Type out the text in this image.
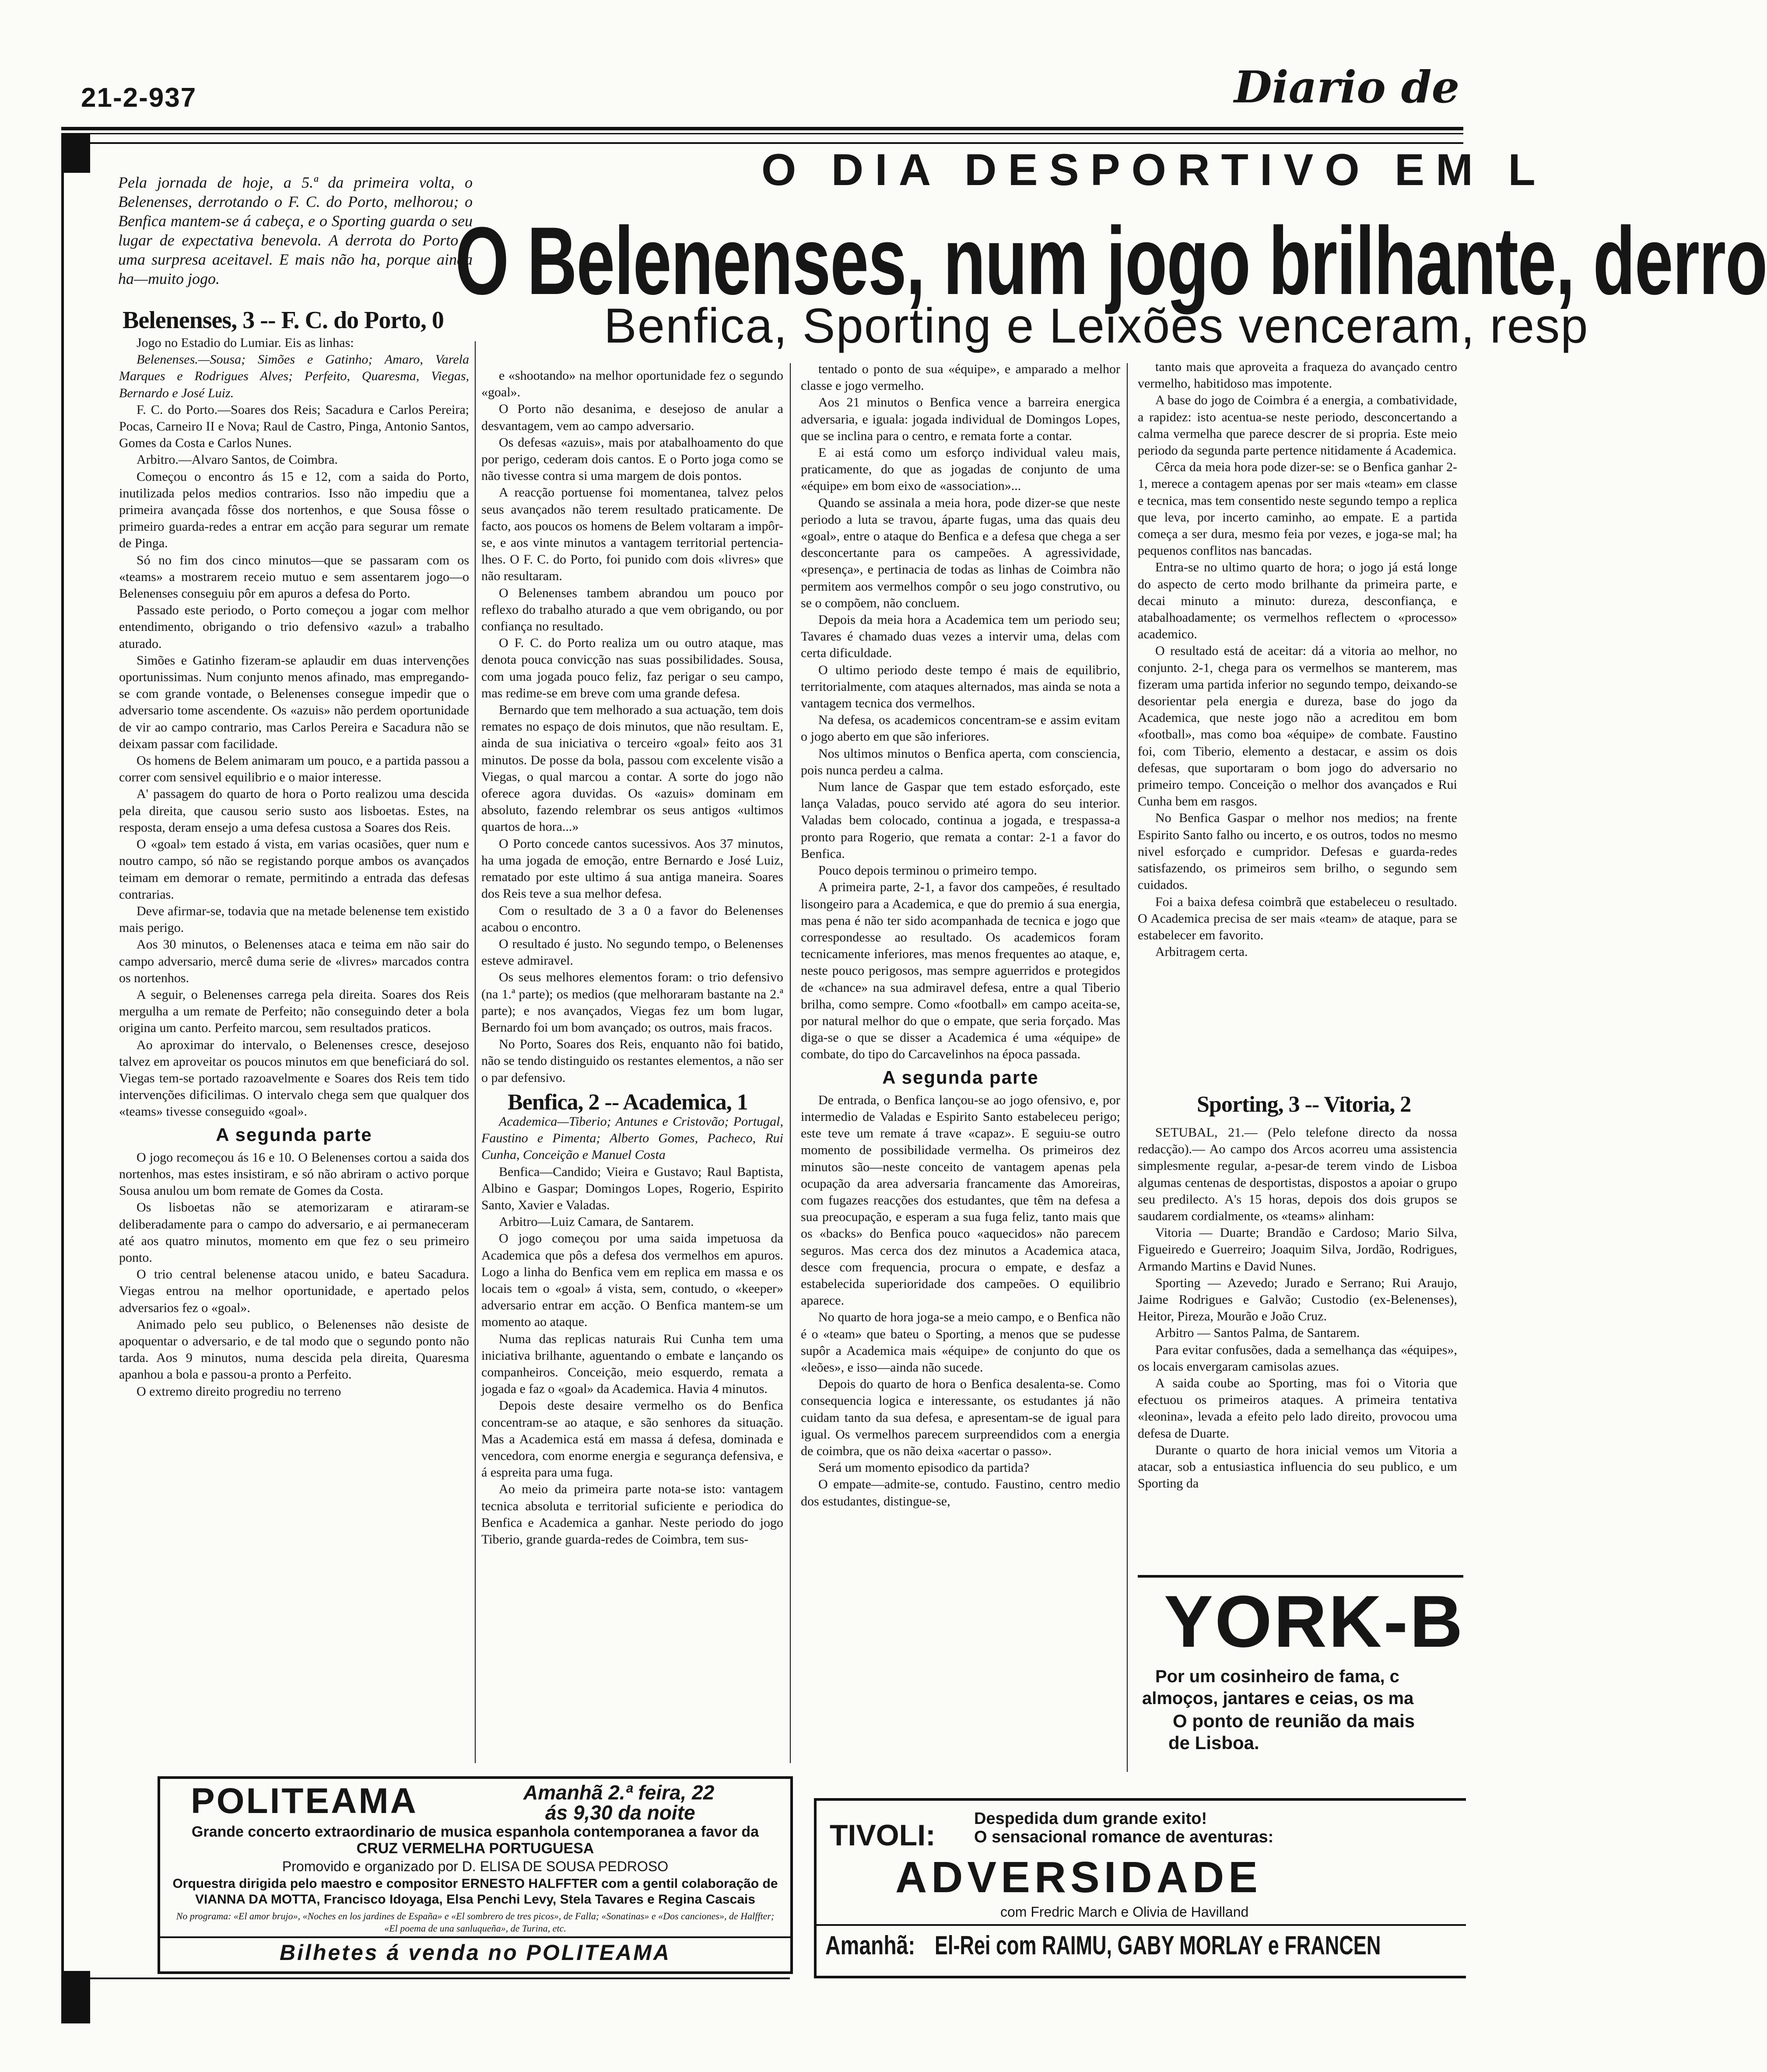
21-2-937	Diario de
O DIA DESPORTIVO EM L
O Belenenses, num jogo brilhante, derro
Benfica, Sporting e Leixões venceram, resp
Pela jornada de hoje, a 5.ª da primeira volta, o Belenenses, derrotando o F. C. do Porto, melhorou; o Benfica mantem-se á cabeça, e o Sporting guarda o seu lugar de expectativa benevola. A derrota do Porto é uma surpresa aceitavel. E mais não ha, porque ainda ha—muito jogo.
Belenenses, 3 -- F. C. do Porto, 0

Jogo no Estadio do Lumiar. Eis as linhas:

Belenenses.—Sousa; Simões e Gatinho; Amaro, Varela Marques e Rodrigues Alves; Perfeito, Quaresma, Viegas, Bernardo e José Luiz.

F. C. do Porto.—Soares dos Reis; Sacadura e Carlos Pereira; Pocas, Carneiro II e Nova; Raul de Castro, Pinga, Antonio Santos, Gomes da Costa e Carlos Nunes.

Arbitro.—Alvaro Santos, de Coimbra.

Começou o encontro ás 15 e 12, com a saida do Porto, inutilizada pelos medios contrarios. Isso não impediu que a primeira avançada fôsse dos nortenhos, e que Sousa fôsse o primeiro guarda-redes a entrar em acção para segurar um remate de Pinga.

Só no fim dos cinco minutos—que se passaram com os «teams» a mostrarem receio mutuo e sem assentarem jogo—o Belenenses conseguiu pôr em apuros a defesa do Porto.

Passado este periodo, o Porto começou a jogar com melhor entendimento, obrigando o trio defensivo «azul» a trabalho aturado.

Simões e Gatinho fizeram-se aplaudir em duas intervenções oportunissimas. Num conjunto menos afinado, mas empregando-se com grande vontade, o Belenenses consegue impedir que o adversario tome ascendente. Os «azuis» não perdem oportunidade de vir ao campo contrario, mas Carlos Pereira e Sacadura não se deixam passar com facilidade.

Os homens de Belem animaram um pouco, e a partida passou a correr com sensivel equilibrio e o maior interesse.

A' passagem do quarto de hora o Porto realizou uma descida pela direita, que causou serio susto aos lisboetas. Estes, na resposta, deram ensejo a uma defesa custosa a Soares dos Reis.

O «goal» tem estado á vista, em varias ocasiões, quer num e noutro campo, só não se registando porque ambos os avançados teimam em demorar o remate, permitindo a entrada das defesas contrarias.

Deve afirmar-se, todavia que na metade belenense tem existido mais perigo.

Aos 30 minutos, o Belenenses ataca e teima em não sair do campo adversario, mercê duma serie de «livres» marcados contra os nortenhos.

A seguir, o Belenenses carrega pela direita. Soares dos Reis mergulha a um remate de Perfeito; não conseguindo deter a bola origina um canto. Perfeito marcou, sem resultados praticos.

Ao aproximar do intervalo, o Belenenses cresce, desejoso talvez em aproveitar os poucos minutos em que beneficiará do sol. Viegas tem-se portado razoavelmente e Soares dos Reis tem tido intervenções dificilimas. O intervalo chega sem que qualquer dos «teams» tivesse conseguido «goal».

A segunda parte

O jogo recomeçou ás 16 e 10. O Belenenses cortou a saida dos nortenhos, mas estes insistiram, e só não abriram o activo porque Sousa anulou um bom remate de Gomes da Costa.

Os lisboetas não se atemorizaram e atiraram-se deliberadamente para o campo do adversario, e ai permaneceram até aos quatro minutos, momento em que fez o seu primeiro ponto.

O trio central belenense atacou unido, e bateu Sacadura. Viegas entrou na melhor oportunidade, e apertado pelos adversarios fez o «goal».

Animado pelo seu publico, o Belenenses não desiste de apoquentar o adversario, e de tal modo que o segundo ponto não tarda. Aos 9 minutos, numa descida pela direita, Quaresma apanhou a bola e passou-a pronto a Perfeito.

O extremo direito progrediu no terreno

e «shootando» na melhor oportunidade fez o segundo «goal».

O Porto não desanima, e desejoso de anular a desvantagem, vem ao campo adversario.

Os defesas «azuis», mais por atabalhoamento do que por perigo, cederam dois cantos. E o Porto joga como se não tivesse contra si uma margem de dois pontos.

A reacção portuense foi momentanea, talvez pelos seus avançados não terem resultado praticamente. De facto, aos poucos os homens de Belem voltaram a impôr-se, e aos vinte minutos a vantagem territorial pertencia-lhes. O F. C. do Porto, foi punido com dois «livres» que não resultaram.

O Belenenses tambem abrandou um pouco por reflexo do trabalho aturado a que vem obrigando, ou por confiança no resultado.

O F. C. do Porto realiza um ou outro ataque, mas denota pouca convicção nas suas possibilidades. Sousa, com uma jogada pouco feliz, faz perigar o seu campo, mas redime-se em breve com uma grande defesa.

Bernardo que tem melhorado a sua actuação, tem dois remates no espaço de dois minutos, que não resultam. E, ainda de sua iniciativa o terceiro «goal» feito aos 31 minutos. De posse da bola, passou com excelente visão a Viegas, o qual marcou a contar. A sorte do jogo não oferece agora duvidas. Os «azuis» dominam em absoluto, fazendo relembrar os seus antigos «ultimos quartos de hora...»

O Porto concede cantos sucessivos. Aos 37 minutos, ha uma jogada de emoção, entre Bernardo e José Luiz, rematado por este ultimo á sua antiga maneira. Soares dos Reis teve a sua melhor defesa.

Com o resultado de 3 a 0 a favor do Belenenses acabou o encontro.

O resultado é justo. No segundo tempo, o Belenenses esteve admiravel.

Os seus melhores elementos foram: o trio defensivo (na 1.ª parte); os medios (que melhoraram bastante na 2.ª parte); e nos avançados, Viegas fez um bom lugar, Bernardo foi um bom avançado; os outros, mais fracos.

No Porto, Soares dos Reis, enquanto não foi batido, não se tendo distinguido os restantes elementos, a não ser o par defensivo.

Benfica, 2 -- Academica, 1

Academica—Tiberio; Antunes e Cristovão; Portugal, Faustino e Pimenta; Alberto Gomes, Pacheco, Rui Cunha, Conceição e Manuel Costa

Benfica—Candido; Vieira e Gustavo; Raul Baptista, Albino e Gaspar; Domingos Lopes, Rogerio, Espirito Santo, Xavier e Valadas.

Arbitro—Luiz Camara, de Santarem.

O jogo começou por uma saida impetuosa da Academica que pôs a defesa dos vermelhos em apuros. Logo a linha do Benfica vem em replica em massa e os locais tem o «goal» á vista, sem, contudo, o «keeper» adversario entrar em acção. O Benfica mantem-se um momento ao ataque.

Numa das replicas naturais Rui Cunha tem uma iniciativa brilhante, aguentando o embate e lançando os companheiros. Conceição, meio esquerdo, remata a jogada e faz o «goal» da Academica. Havia 4 minutos.

Depois deste desaire vermelho os do Benfica concentram-se ao ataque, e são senhores da situação. Mas a Academica está em massa á defesa, dominada e vencedora, com enorme energia e segurança defensiva, e á espreita para uma fuga.

Ao meio da primeira parte nota-se isto: vantagem tecnica absoluta e territorial suficiente e periodica do Benfica e Academica a ganhar. Neste periodo do jogo Tiberio, grande guarda-redes de Coimbra, tem sus-

tentado o ponto de sua «équipe», e amparado a melhor classe e jogo vermelho.

Aos 21 minutos o Benfica vence a barreira energica adversaria, e iguala: jogada individual de Domingos Lopes, que se inclina para o centro, e remata forte a contar.

E ai está como um esforço individual valeu mais, praticamente, do que as jogadas de conjunto de uma «équipe» em bom eixo de «association»...

Quando se assinala a meia hora, pode dizer-se que neste periodo a luta se travou, áparte fugas, uma das quais deu «goal», entre o ataque do Benfica e a defesa que chega a ser desconcertante para os campeões. A agressividade, «presença», e pertinacia de todas as linhas de Coimbra não permitem aos vermelhos compôr o seu jogo construtivo, ou se o compõem, não concluem.

Depois da meia hora a Academica tem um periodo seu; Tavares é chamado duas vezes a intervir uma, delas com certa dificuldade.

O ultimo periodo deste tempo é mais de equilibrio, territorialmente, com ataques alternados, mas ainda se nota a vantagem tecnica dos vermelhos.

Na defesa, os academicos concentram-se e assim evitam o jogo aberto em que são inferiores.

Nos ultimos minutos o Benfica aperta, com consciencia, pois nunca perdeu a calma.

Num lance de Gaspar que tem estado esforçado, este lança Valadas, pouco servido até agora do seu interior. Valadas bem colocado, continua a jogada, e trespassa-a pronto para Rogerio, que remata a contar: 2-1 a favor do Benfica.

Pouco depois terminou o primeiro tempo.

A primeira parte, 2-1, a favor dos campeões, é resultado lisongeiro para a Academica, e que do premio á sua energia, mas pena é não ter sido acompanhada de tecnica e jogo que correspondesse ao resultado. Os academicos foram tecnicamente inferiores, mas menos frequentes ao ataque, e, neste pouco perigosos, mas sempre aguerridos e protegidos de «chance» na sua admiravel defesa, entre a qual Tiberio brilha, como sempre. Como «football» em campo aceita-se, por natural melhor do que o empate, que seria forçado. Mas diga-se o que se disser a Academica é uma «équipe» de combate, do tipo do Carcavelinhos na época passada.

A segunda parte

De entrada, o Benfica lançou-se ao jogo ofensivo, e, por intermedio de Valadas e Espirito Santo estabeleceu perigo; este teve um remate á trave «capaz». E seguiu-se outro momento de possibilidade vermelha. Os primeiros dez minutos são—neste conceito de vantagem apenas pela ocupação da area adversaria francamente das Amoreiras, com fugazes reacções dos estudantes, que têm na defesa a sua preocupação, e esperam a sua fuga feliz, tanto mais que os «backs» do Benfica pouco «aquecidos» não parecem seguros. Mas cerca dos dez minutos a Academica ataca, desce com frequencia, procura o empate, e desfaz a estabelecida superioridade dos campeões. O equilibrio aparece.

No quarto de hora joga-se a meio campo, e o Benfica não é o «team» que bateu o Sporting, a menos que se pudesse supôr a Academica mais «équipe» de conjunto do que os «leões», e isso—ainda não sucede.

Depois do quarto de hora o Benfica desalenta-se. Como consequencia logica e interessante, os estudantes já não cuidam tanto da sua defesa, e apresentam-se de igual para igual. Os vermelhos parecem surpreendidos com a energia de coimbra, que os não deixa «acertar o passo».

Será um momento episodico da partida?

O empate—admite-se, contudo. Faustino, centro medio dos estudantes, distingue-se,

tanto mais que aproveita a fraqueza do avançado centro vermelho, habitidoso mas impotente.

A base do jogo de Coimbra é a energia, a combatividade, a rapidez: isto acentua-se neste periodo, desconcertando a calma vermelha que parece descrer de si propria. Este meio periodo da segunda parte pertence nitidamente á Academica.

Cêrca da meia hora pode dizer-se: se o Benfica ganhar 2-1, merece a contagem apenas por ser mais «team» em classe e tecnica, mas tem consentido neste segundo tempo a replica que leva, por incerto caminho, ao empate. E a partida começa a ser dura, mesmo feia por vezes, e joga-se mal; ha pequenos conflitos nas bancadas.

Entra-se no ultimo quarto de hora; o jogo já está longe do aspecto de certo modo brilhante da primeira parte, e decai minuto a minuto: dureza, desconfiança, e atabalhoadamente; os vermelhos reflectem o «processo» academico.

O resultado está de aceitar: dá a vitoria ao melhor, no conjunto. 2-1, chega para os vermelhos se manterem, mas fizeram uma partida inferior no segundo tempo, deixando-se desorientar pela energia e dureza, base do jogo da Academica, que neste jogo não a acreditou em bom «football», mas como boa «équipe» de combate. Faustino foi, com Tiberio, elemento a destacar, e assim os dois defesas, que suportaram o bom jogo do adversario no primeiro tempo. Conceição o melhor dos avançados e Rui Cunha bem em rasgos.

No Benfica Gaspar o melhor nos medios; na frente Espirito Santo falho ou incerto, e os outros, todos no mesmo nivel esforçado e cumpridor. Defesas e guarda-redes satisfazendo, os primeiros sem brilho, o segundo sem cuidados.

Foi a baixa defesa coimbrã que estabeleceu o resultado. O Academica precisa de ser mais «team» de ataque, para se estabelecer em favorito.

Arbitragem certa.

Sporting, 3 -- Vitoria, 2

SETUBAL, 21.— (Pelo telefone directo da nossa redacção).— Ao campo dos Arcos acorreu uma assistencia simplesmente regular, a-pesar-de terem vindo de Lisboa algumas centenas de desportistas, dispostos a apoiar o grupo seu predilecto. A's 15 horas, depois dos dois grupos se saudarem cordialmente, os «teams» alinham:

Vitoria — Duarte; Brandão e Cardoso; Mario Silva, Figueiredo e Guerreiro; Joaquim Silva, Jordão, Rodrigues, Armando Martins e David Nunes.

Sporting — Azevedo; Jurado e Serrano; Rui Araujo, Jaime Rodrigues e Galvão; Custodio (ex-Belenenses), Heitor, Pireza, Mourão e João Cruz.

Arbitro — Santos Palma, de Santarem.

Para evitar confusões, dada a semelhança das «équipes», os locais envergaram camisolas azues.

A saida coube ao Sporting, mas foi o Vitoria que efectuou os primeiros ataques. A primeira tentativa «leonina», levada a efeito pelo lado direito, provocou uma defesa de Duarte.

Durante o quarto de hora inicial vemos um Vitoria a atacar, sob a entusiastica influencia do seu publico, e um Sporting da

YORK-B
Por um cosinheiro de fama, c
almoços, jantares e ceias, os ma
O ponto de reunião da mais
de Lisboa.
POLITEAMA	Amanhã 2.ª feira, 22
ás 9,30 da noite
Grande concerto extraordinario de musica espanhola contemporanea a favor da CRUZ VERMELHA PORTUGUESA
Promovido e organizado por D. ELISA DE SOUSA PEDROSO
Orquestra dirigida pelo maestro e compositor ERNESTO HALFFTER com a gentil colaboração de VIANNA DA MOTTA, Francisco Idoyaga, Elsa Penchi Levy, Stela Tavares e Regina Cascais
No programa: «El amor brujo», «Noches en los jardines de España» e «El sombrero de tres picos», de Falla; «Sonatinas» e «Dos canciones», de Halffter; «El poema de una sanluqueña», de Turina, etc.
Bilhetes á venda no POLITEAMA
TIVOLI: Despedida dum grande exito!
O sensacional romance de aventuras:
ADVERSIDADE
com Fredric March e Olivia de Havilland
Amanhã: El-Rei com RAIMU, GABY MORLAY e FRANCEN
